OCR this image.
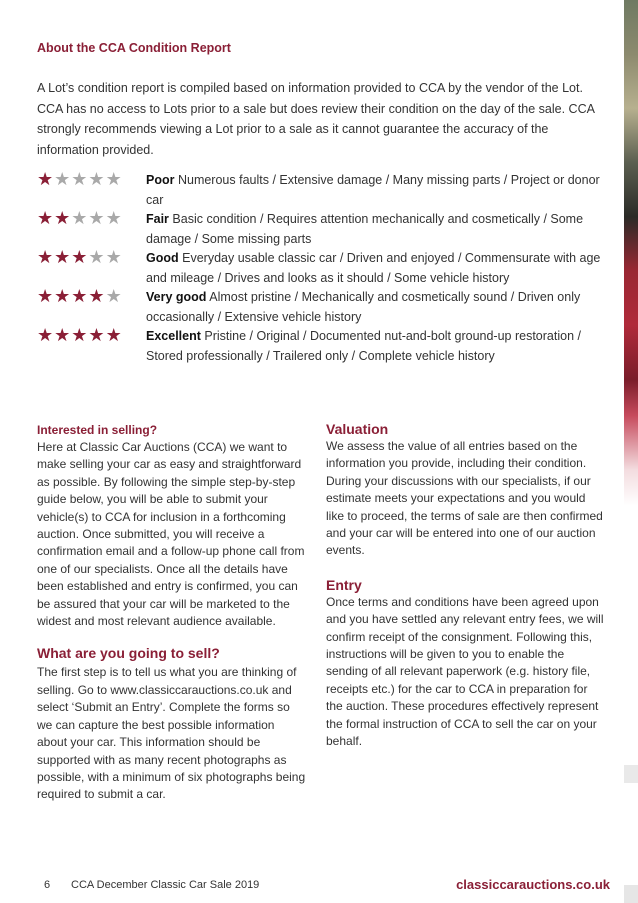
About the CCA Condition Report
A Lot’s condition report is compiled based on information provided to CCA by the vendor of the Lot. CCA has no access to Lots prior to a sale but does review their condition on the day of the sale. CCA strongly recommends viewing a Lot prior to a sale as it cannot guarantee the accuracy of the information provided.
★★★★★	Poor Numerous faults / Extensive damage / Many missing parts / Project or donor car
★★★★★	Fair Basic condition / Requires attention mechanically and cosmetically / Some damage / Some missing parts
★★★★★	Good Everyday usable classic car / Driven and enjoyed / Commensurate with age and mileage / Drives and looks as it should / Some vehicle history
★★★★★	Very good Almost pristine / Mechanically and cosmetically sound / Driven only occasionally / Extensive vehicle history
★★★★★	Excellent Pristine / Original / Documented nut-and-bolt ground-up restoration / Stored professionally / Trailered only / Complete vehicle history
Interested in selling?

Here at Classic Car Auctions (CCA) we want to make selling your car as easy and straightforward as possible. By following the simple step-by-step guide below, you will be able to submit your vehicle(s) to CCA for inclusion in a forthcoming auction. Once submitted, you will receive a confirmation email and a follow-up phone call from one of our specialists. Once all the details have been established and entry is confirmed, you can be assured that your car will be marketed to the widest and most relevant audience available.

What are you going to sell?

The first step is to tell us what you are thinking of selling. Go to www.classiccarauctions.co.uk and select ‘Submit an Entry’. Complete the forms so we can capture the best possible information about your car. This information should be supported with as many recent photographs as possible, with a minimum of six photographs being required to submit a car.

Valuation

We assess the value of all entries based on the information you provide, including their condition. During your discussions with our specialists, if our estimate meets your expectations and you would like to proceed, the terms of sale are then confirmed and your car will be entered into one of our auction events.

Entry

Once terms and conditions have been agreed upon and you have settled any relevant entry fees, we will confirm receipt of the consignment. Following this, instructions will be given to you to enable the sending of all relevant paperwork (e.g. history file, receipts etc.) for the car to CCA in preparation for the auction. These procedures effectively represent the formal instruction of CCA to sell the car on your behalf.

6 CCA December Classic Car Sale 2019	classiccarauctions.co.uk
